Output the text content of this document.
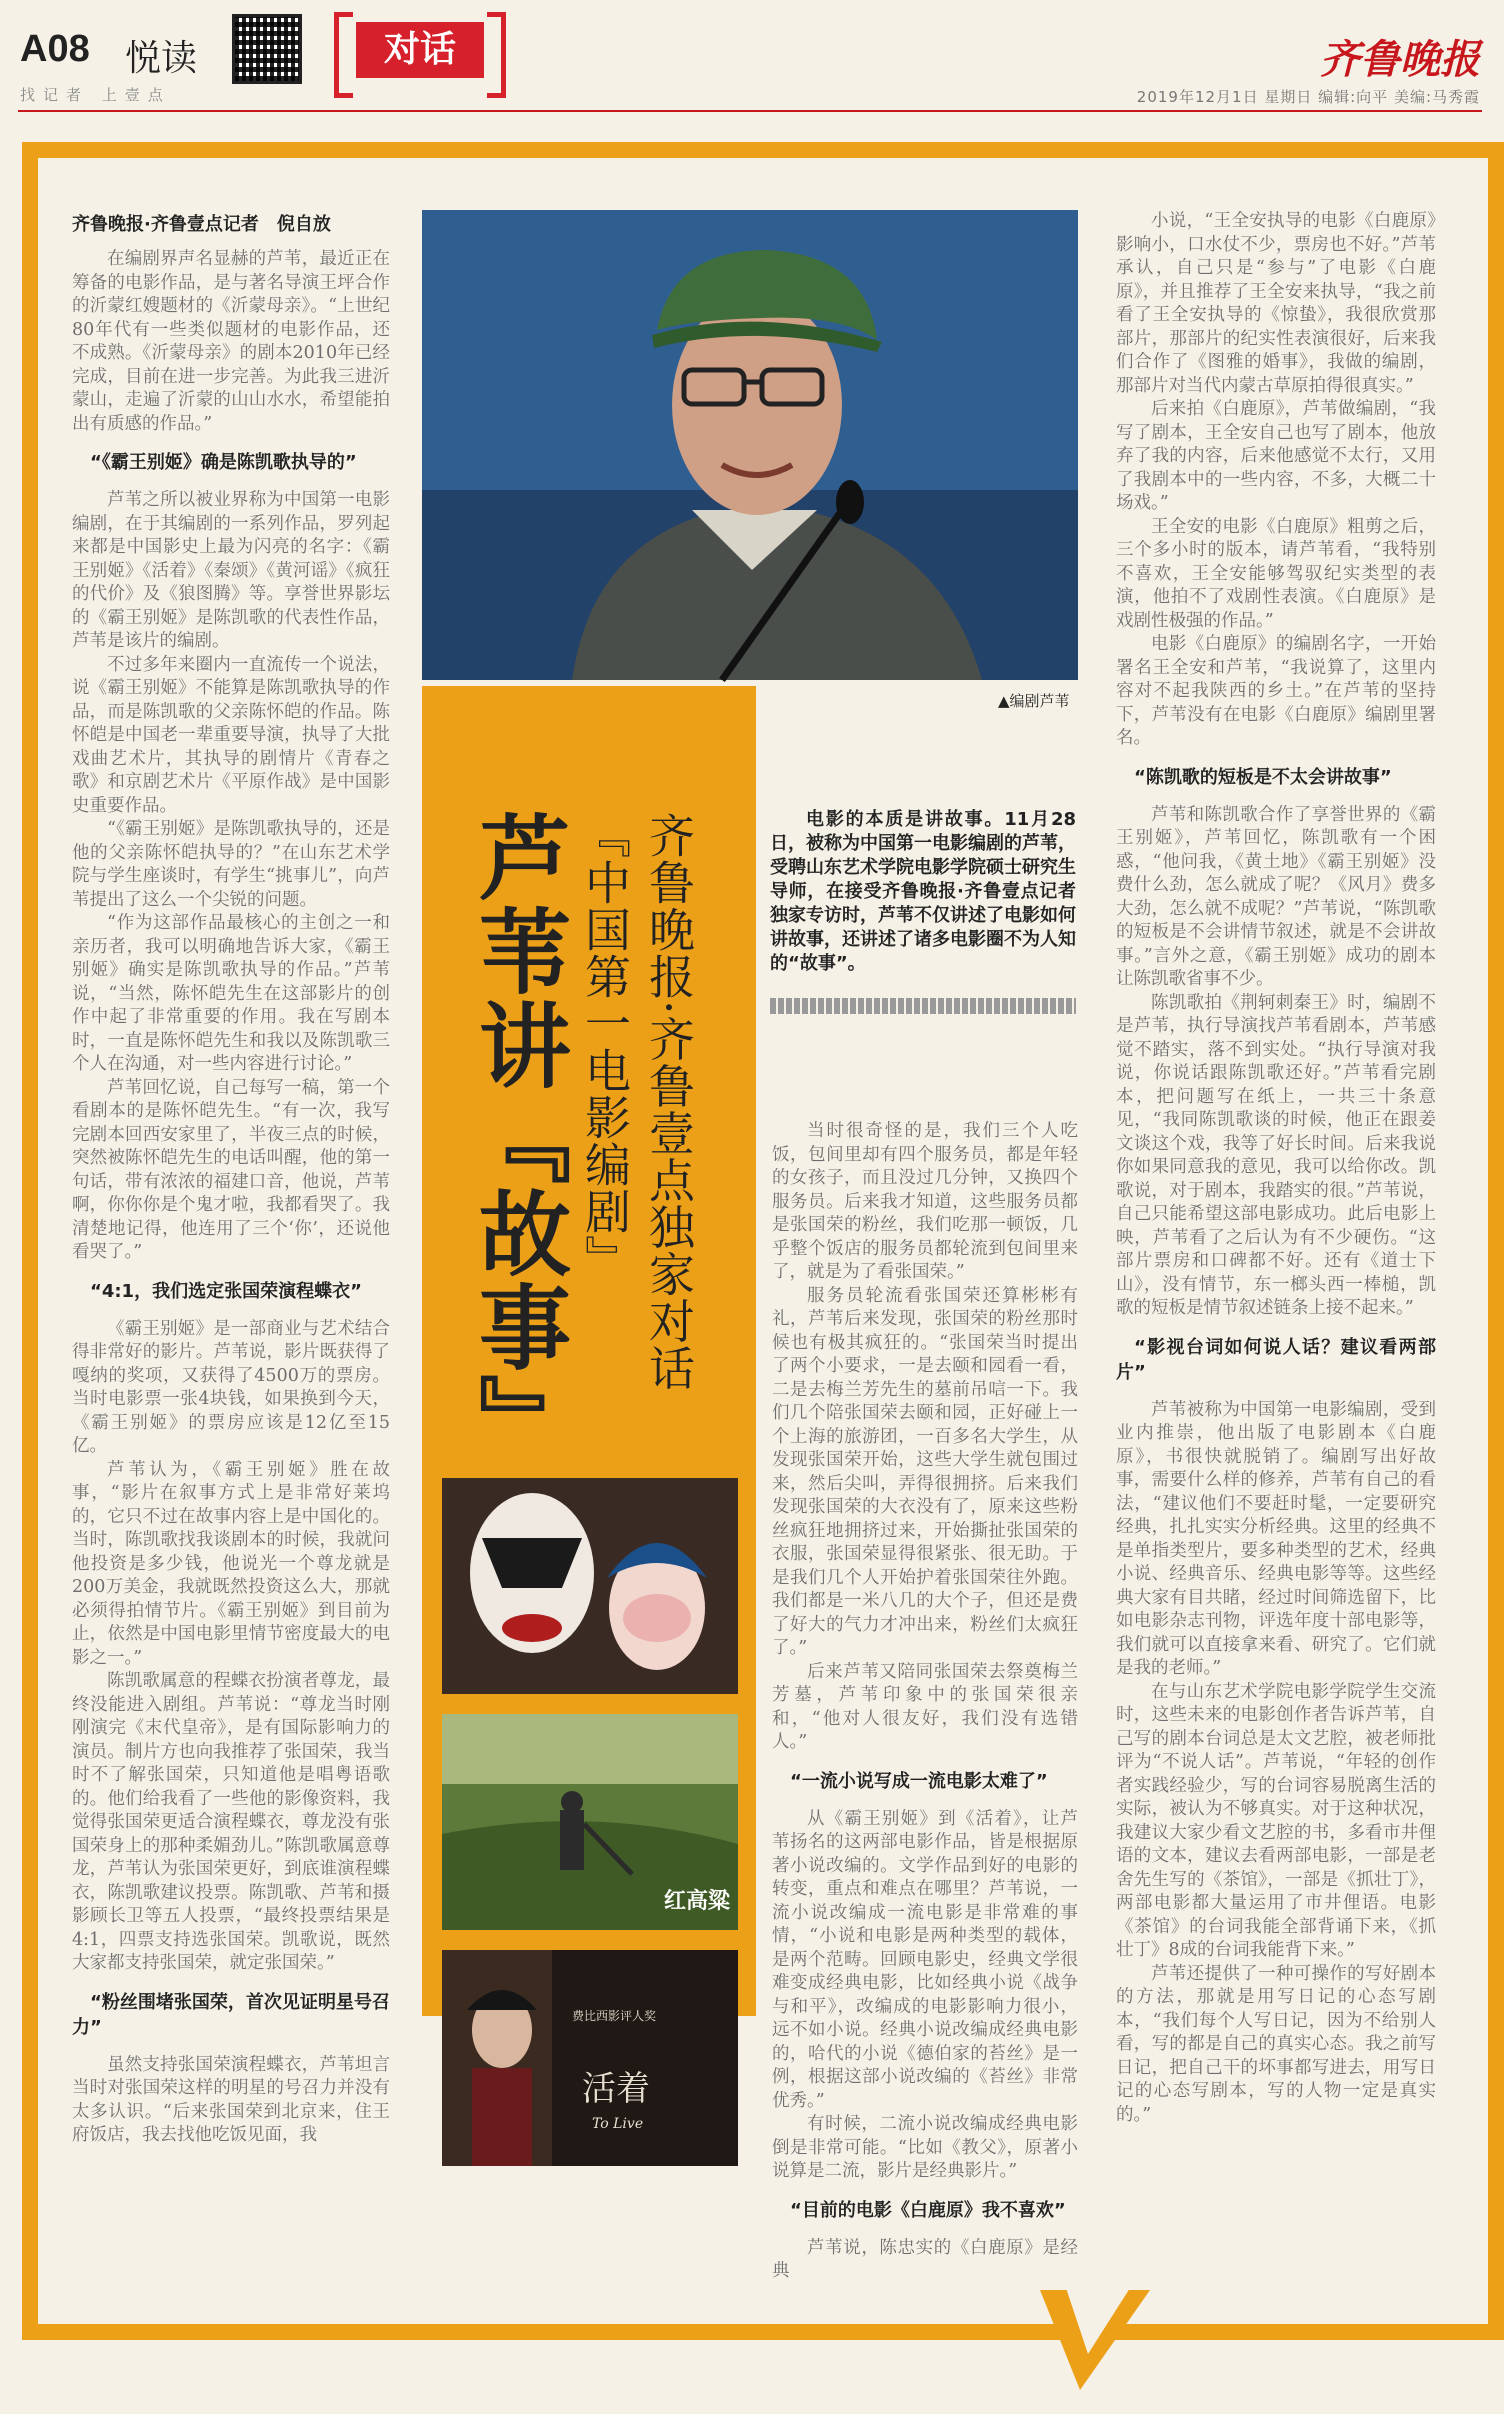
A08 悦读
找记者 上壹点
对话	齐鲁晚报
2019年12月1日 星期日 编辑:向平 美编:马秀霞
齐鲁晚报·齐鲁壹点记者　倪自放

在编剧界声名显赫的芦苇，最近正在筹备的电影作品，是与著名导演王坪合作的沂蒙红嫂题材的《沂蒙母亲》。“上世纪80年代有一些类似题材的电影作品，还不成熟。《沂蒙母亲》的剧本2010年已经完成，目前在进一步完善。为此我三进沂蒙山，走遍了沂蒙的山山水水，希望能拍出有质感的作品。”

“《霸王别姬》确是陈凯歌执导的”

芦苇之所以被业界称为中国第一电影编剧，在于其编剧的一系列作品，罗列起来都是中国影史上最为闪亮的名字：《霸王别姬》《活着》《秦颂》《黄河谣》《疯狂的代价》及《狼图腾》等。享誉世界影坛的《霸王别姬》是陈凯歌的代表性作品，芦苇是该片的编剧。

不过多年来圈内一直流传一个说法，说《霸王别姬》不能算是陈凯歌执导的作品，而是陈凯歌的父亲陈怀皑的作品。陈怀皑是中国老一辈重要导演，执导了大批戏曲艺术片，其执导的剧情片《青春之歌》和京剧艺术片《平原作战》是中国影史重要作品。

“《霸王别姬》是陈凯歌执导的，还是他的父亲陈怀皑执导的？”在山东艺术学院与学生座谈时，有学生“挑事儿”，向芦苇提出了这么一个尖锐的问题。

“作为这部作品最核心的主创之一和亲历者，我可以明确地告诉大家，《霸王别姬》确实是陈凯歌执导的作品。”芦苇说，“当然，陈怀皑先生在这部影片的创作中起了非常重要的作用。我在写剧本时，一直是陈怀皑先生和我以及陈凯歌三个人在沟通，对一些内容进行讨论。”

芦苇回忆说，自己每写一稿，第一个看剧本的是陈怀皑先生。“有一次，我写完剧本回西安家里了，半夜三点的时候，突然被陈怀皑先生的电话叫醒，他的第一句话，带有浓浓的福建口音，他说，芦苇啊，你你你是个鬼才啦，我都看哭了。我清楚地记得，他连用了三个‘你’，还说他看哭了。”

“4:1，我们选定张国荣演程蝶衣”

《霸王别姬》是一部商业与艺术结合得非常好的影片。芦苇说，影片既获得了嘎纳的奖项，又获得了4500万的票房。当时电影票一张4块钱，如果换到今天，《霸王别姬》的票房应该是12亿至15亿。

芦苇认为，《霸王别姬》胜在故事，“影片在叙事方式上是非常好莱坞的，它只不过在故事内容上是中国化的。当时，陈凯歌找我谈剧本的时候，我就问他投资是多少钱，他说光一个尊龙就是200万美金，我就既然投资这么大，那就必须得拍情节片。《霸王别姬》到目前为止，依然是中国电影里情节密度最大的电影之一。”

陈凯歌属意的程蝶衣扮演者尊龙，最终没能进入剧组。芦苇说：“尊龙当时刚刚演完《末代皇帝》，是有国际影响力的演员。制片方也向我推荐了张国荣，我当时不了解张国荣，只知道他是唱粤语歌的。他们给我看了一些他的影像资料，我觉得张国荣更适合演程蝶衣，尊龙没有张国荣身上的那种柔媚劲儿。”陈凯歌属意尊龙，芦苇认为张国荣更好，到底谁演程蝶衣，陈凯歌建议投票。陈凯歌、芦苇和摄影顾长卫等五人投票，“最终投票结果是4:1，四票支持选张国荣。凯歌说，既然大家都支持张国荣，就定张国荣。”

“粉丝围堵张国荣，首次见证明星号召力”

虽然支持张国荣演程蝶衣，芦苇坦言当时对张国荣这样的明星的号召力并没有太多认识。“后来张国荣到北京来，住王府饭店，我去找他吃饭见面，我

▲编剧芦苇
芦苇讲『故事』 『中国第一电影编剧』 齐鲁晚报·齐鲁壹点独家对话
红高粱
费比西影评人奖
活着
To Live

电影的本质是讲故事。11月28日，被称为中国第一电影编剧的芦苇，受聘山东艺术学院电影学院硕士研究生导师，在接受齐鲁晚报·齐鲁壹点记者独家专访时，芦苇不仅讲述了电影如何讲故事，还讲述了诸多电影圈不为人知的“故事”。

当时很奇怪的是，我们三个人吃饭，包间里却有四个服务员，都是年轻的女孩子，而且没过几分钟，又换四个服务员。后来我才知道，这些服务员都是张国荣的粉丝，我们吃那一顿饭，几乎整个饭店的服务员都轮流到包间里来了，就是为了看张国荣。”

服务员轮流看张国荣还算彬彬有礼，芦苇后来发现，张国荣的粉丝那时候也有极其疯狂的。“张国荣当时提出了两个小要求，一是去颐和园看一看，二是去梅兰芳先生的墓前吊唁一下。我们几个陪张国荣去颐和园，正好碰上一个上海的旅游团，一百多名大学生，从发现张国荣开始，这些大学生就包围过来，然后尖叫，弄得很拥挤。后来我们发现张国荣的大衣没有了，原来这些粉丝疯狂地拥挤过来，开始撕扯张国荣的衣服，张国荣显得很紧张、很无助。于是我们几个人开始护着张国荣往外跑。我们都是一米八几的大个子，但还是费了好大的气力才冲出来，粉丝们太疯狂了。”

后来芦苇又陪同张国荣去祭奠梅兰芳墓，芦苇印象中的张国荣很亲和，“他对人很友好，我们没有选错人。”

“一流小说写成一流电影太难了”

从《霸王别姬》到《活着》，让芦苇扬名的这两部电影作品，皆是根据原著小说改编的。文学作品到好的电影的转变，重点和难点在哪里？芦苇说，一流小说改编成一流电影是非常难的事情，“小说和电影是两种类型的载体，是两个范畴。回顾电影史，经典文学很难变成经典电影，比如经典小说《战争与和平》，改编成的电影影响力很小，远不如小说。经典小说改编成经典电影的，哈代的小说《德伯家的苔丝》是一例，根据这部小说改编的《苔丝》非常优秀。”

有时候，二流小说改编成经典电影倒是非常可能。“比如《教父》，原著小说算是二流，影片是经典影片。”

“目前的电影《白鹿原》我不喜欢”

芦苇说，陈忠实的《白鹿原》是经典

小说，“王全安执导的电影《白鹿原》影响小，口水仗不少，票房也不好。”芦苇承认，自己只是“参与”了电影《白鹿原》，并且推荐了王全安来执导，“我之前看了王全安执导的《惊蛰》，我很欣赏那部片，那部片的纪实性表演很好，后来我们合作了《图雅的婚事》，我做的编剧，那部片对当代内蒙古草原拍得很真实。”

后来拍《白鹿原》，芦苇做编剧，“我写了剧本，王全安自己也写了剧本，他放弃了我的内容，后来他感觉不太行，又用了我剧本中的一些内容，不多，大概二十场戏。”

王全安的电影《白鹿原》粗剪之后，三个多小时的版本，请芦苇看，“我特别不喜欢，王全安能够驾驭纪实类型的表演，他拍不了戏剧性表演。《白鹿原》是戏剧性极强的作品。”

电影《白鹿原》的编剧名字，一开始署名王全安和芦苇，“我说算了，这里内容对不起我陕西的乡土。”在芦苇的坚持下，芦苇没有在电影《白鹿原》编剧里署名。

“陈凯歌的短板是不太会讲故事”

芦苇和陈凯歌合作了享誉世界的《霸王别姬》，芦苇回忆，陈凯歌有一个困惑，“他问我，《黄土地》《霸王别姬》没费什么劲，怎么就成了呢？《风月》费多大劲，怎么就不成呢？”芦苇说，“陈凯歌的短板是不会讲情节叙述，就是不会讲故事。”言外之意，《霸王别姬》成功的剧本让陈凯歌省事不少。

陈凯歌拍《荆轲刺秦王》时，编剧不是芦苇，执行导演找芦苇看剧本，芦苇感觉不踏实，落不到实处。“执行导演对我说，你说话跟陈凯歌还好。”芦苇看完剧本，把问题写在纸上，一共三十条意见，“我同陈凯歌谈的时候，他正在跟姜文谈这个戏，我等了好长时间。后来我说你如果同意我的意见，我可以给你改。凯歌说，对于剧本，我踏实的很。”芦苇说，自己只能希望这部电影成功。此后电影上映，芦苇看了之后认为有不少硬伤。“这部片票房和口碑都不好。还有《道士下山》，没有情节，东一榔头西一棒槌，凯歌的短板是情节叙述链条上接不起来。”

“影视台词如何说人话？建议看两部片”

芦苇被称为中国第一电影编剧，受到业内推崇，他出版了电影剧本《白鹿原》，书很快就脱销了。编剧写出好故事，需要什么样的修养，芦苇有自己的看法，“建议他们不要赶时髦，一定要研究经典，扎扎实实分析经典。这里的经典不是单指类型片，要多种类型的艺术，经典小说、经典音乐、经典电影等等。这些经典大家有目共睹，经过时间筛选留下，比如电影杂志刊物，评选年度十部电影等，我们就可以直接拿来看、研究了。它们就是我的老师。”

在与山东艺术学院电影学院学生交流时，这些未来的电影创作者告诉芦苇，自己写的剧本台词总是太文艺腔，被老师批评为“不说人话”。芦苇说，“年轻的创作者实践经验少，写的台词容易脱离生活的实际，被认为不够真实。对于这种状况，我建议大家少看文艺腔的书，多看市井俚语的文本，建议去看两部电影，一部是老舍先生写的《茶馆》，一部是《抓壮丁》，两部电影都大量运用了市井俚语。电影《茶馆》的台词我能全部背诵下来，《抓壮丁》8成的台词我能背下来。”

芦苇还提供了一种可操作的写好剧本的方法，那就是用写日记的心态写剧本，“我们每个人写日记，因为不给别人看，写的都是自己的真实心态。我之前写日记，把自己干的坏事都写进去，用写日记的心态写剧本，写的人物一定是真实的。”
